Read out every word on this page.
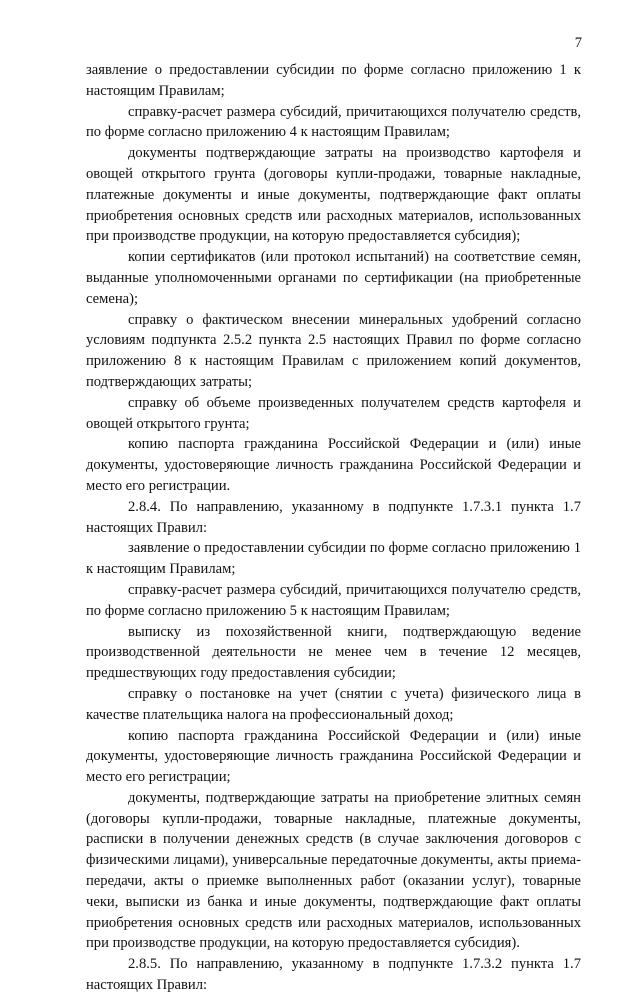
7

заявление о предоставлении субсидии по форме согласно приложению 1 к настоящим Правилам;

справку-расчет размера субсидий, причитающихся получателю средств, по форме согласно приложению 4 к настоящим Правилам;

документы подтверждающие затраты на производство картофеля и овощей открытого грунта (договоры купли-продажи, товарные накладные, платежные документы и иные документы, подтверждающие факт оплаты приобретения основных средств или расходных материалов, использованных при производстве продукции, на которую предоставляется субсидия);

копии сертификатов (или протокол испытаний) на соответствие семян, выданные уполномоченными органами по сертификации (на приобретенные семена);

справку о фактическом внесении минеральных удобрений согласно условиям подпункта 2.5.2 пункта 2.5 настоящих Правил по форме согласно приложению 8 к настоящим Правилам с приложением копий документов, подтверждающих затраты;

справку об объеме произведенных получателем средств картофеля и овощей открытого грунта;

копию паспорта гражданина Российской Федерации и (или) иные документы, удостоверяющие личность гражданина Российской Федерации и место его регистрации.

2.8.4. По направлению, указанному в подпункте 1.7.3.1 пункта 1.7 настоящих Правил:

заявление о предоставлении субсидии по форме согласно приложению 1 к настоящим Правилам;

справку-расчет размера субсидий, причитающихся получателю средств, по форме согласно приложению 5 к настоящим Правилам;

выписку из похозяйственной книги, подтверждающую ведение производственной деятельности не менее чем в течение 12 месяцев, предшествующих году предоставления субсидии;

справку о постановке на учет (снятии с учета) физического лица в качестве плательщика налога на профессиональный доход;

копию паспорта гражданина Российской Федерации и (или) иные документы, удостоверяющие личность гражданина Российской Федерации и место его регистрации;

документы, подтверждающие затраты на приобретение элитных семян (договоры купли-продажи, товарные накладные, платежные документы, расписки в получении денежных средств (в случае заключения договоров с физическими лицами), универсальные передаточные документы, акты приема-передачи, акты о приемке выполненных работ (оказании услуг), товарные чеки, выписки из банка и иные документы, подтверждающие факт оплаты приобретения основных средств или расходных материалов, использованных при производстве продукции, на которую предоставляется субсидия).

2.8.5. По направлению, указанному в подпункте 1.7.3.2 пункта 1.7 настоящих Правил:
